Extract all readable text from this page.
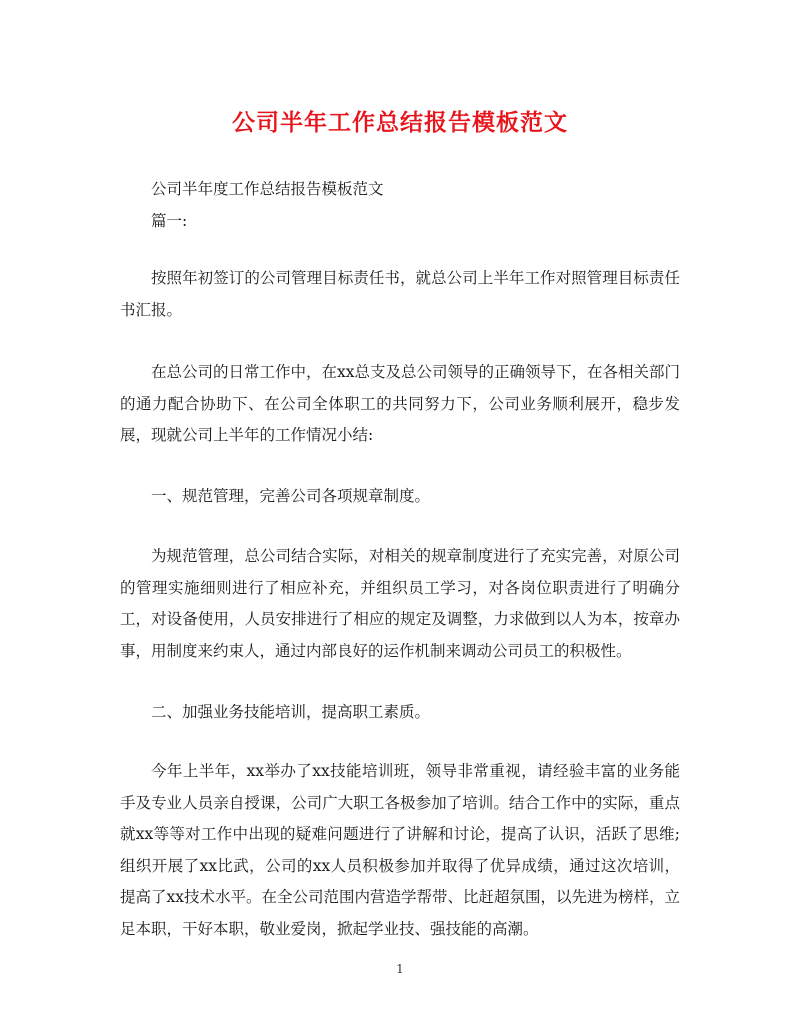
公司半年工作总结报告模板范文

公司半年度工作总结报告模板范文

篇一:

按照年初签订的公司管理目标责任书，就总公司上半年工作对照管理目标责任书汇报。

在总公司的日常工作中，在xx总支及总公司领导的正确领导下，在各相关部门的通力配合协助下、在公司全体职工的共同努力下，公司业务顺利展开，稳步发展，现就公司上半年的工作情况小结:

一、规范管理，完善公司各项规章制度。

为规范管理，总公司结合实际，对相关的规章制度进行了充实完善，对原公司的管理实施细则进行了相应补充，并组织员工学习，对各岗位职责进行了明确分工，对设备使用，人员安排进行了相应的规定及调整，力求做到以人为本，按章办事，用制度来约束人，通过内部良好的运作机制来调动公司员工的积极性。

二、加强业务技能培训，提高职工素质。

今年上半年，xx举办了xx技能培训班，领导非常重视，请经验丰富的业务能手及专业人员亲自授课，公司广大职工各极参加了培训。结合工作中的实际，重点就xx等等对工作中出现的疑难问题进行了讲解和讨论，提高了认识，活跃了思维;组织开展了xx比武，公司的xx人员积极参加并取得了优异成绩，通过这次培训，提高了xx技术水平。在全公司范围内营造学帮带、比赶超氛围，以先进为榜样，立足本职，干好本职，敬业爱岗，掀起学业技、强技能的高潮。

1
